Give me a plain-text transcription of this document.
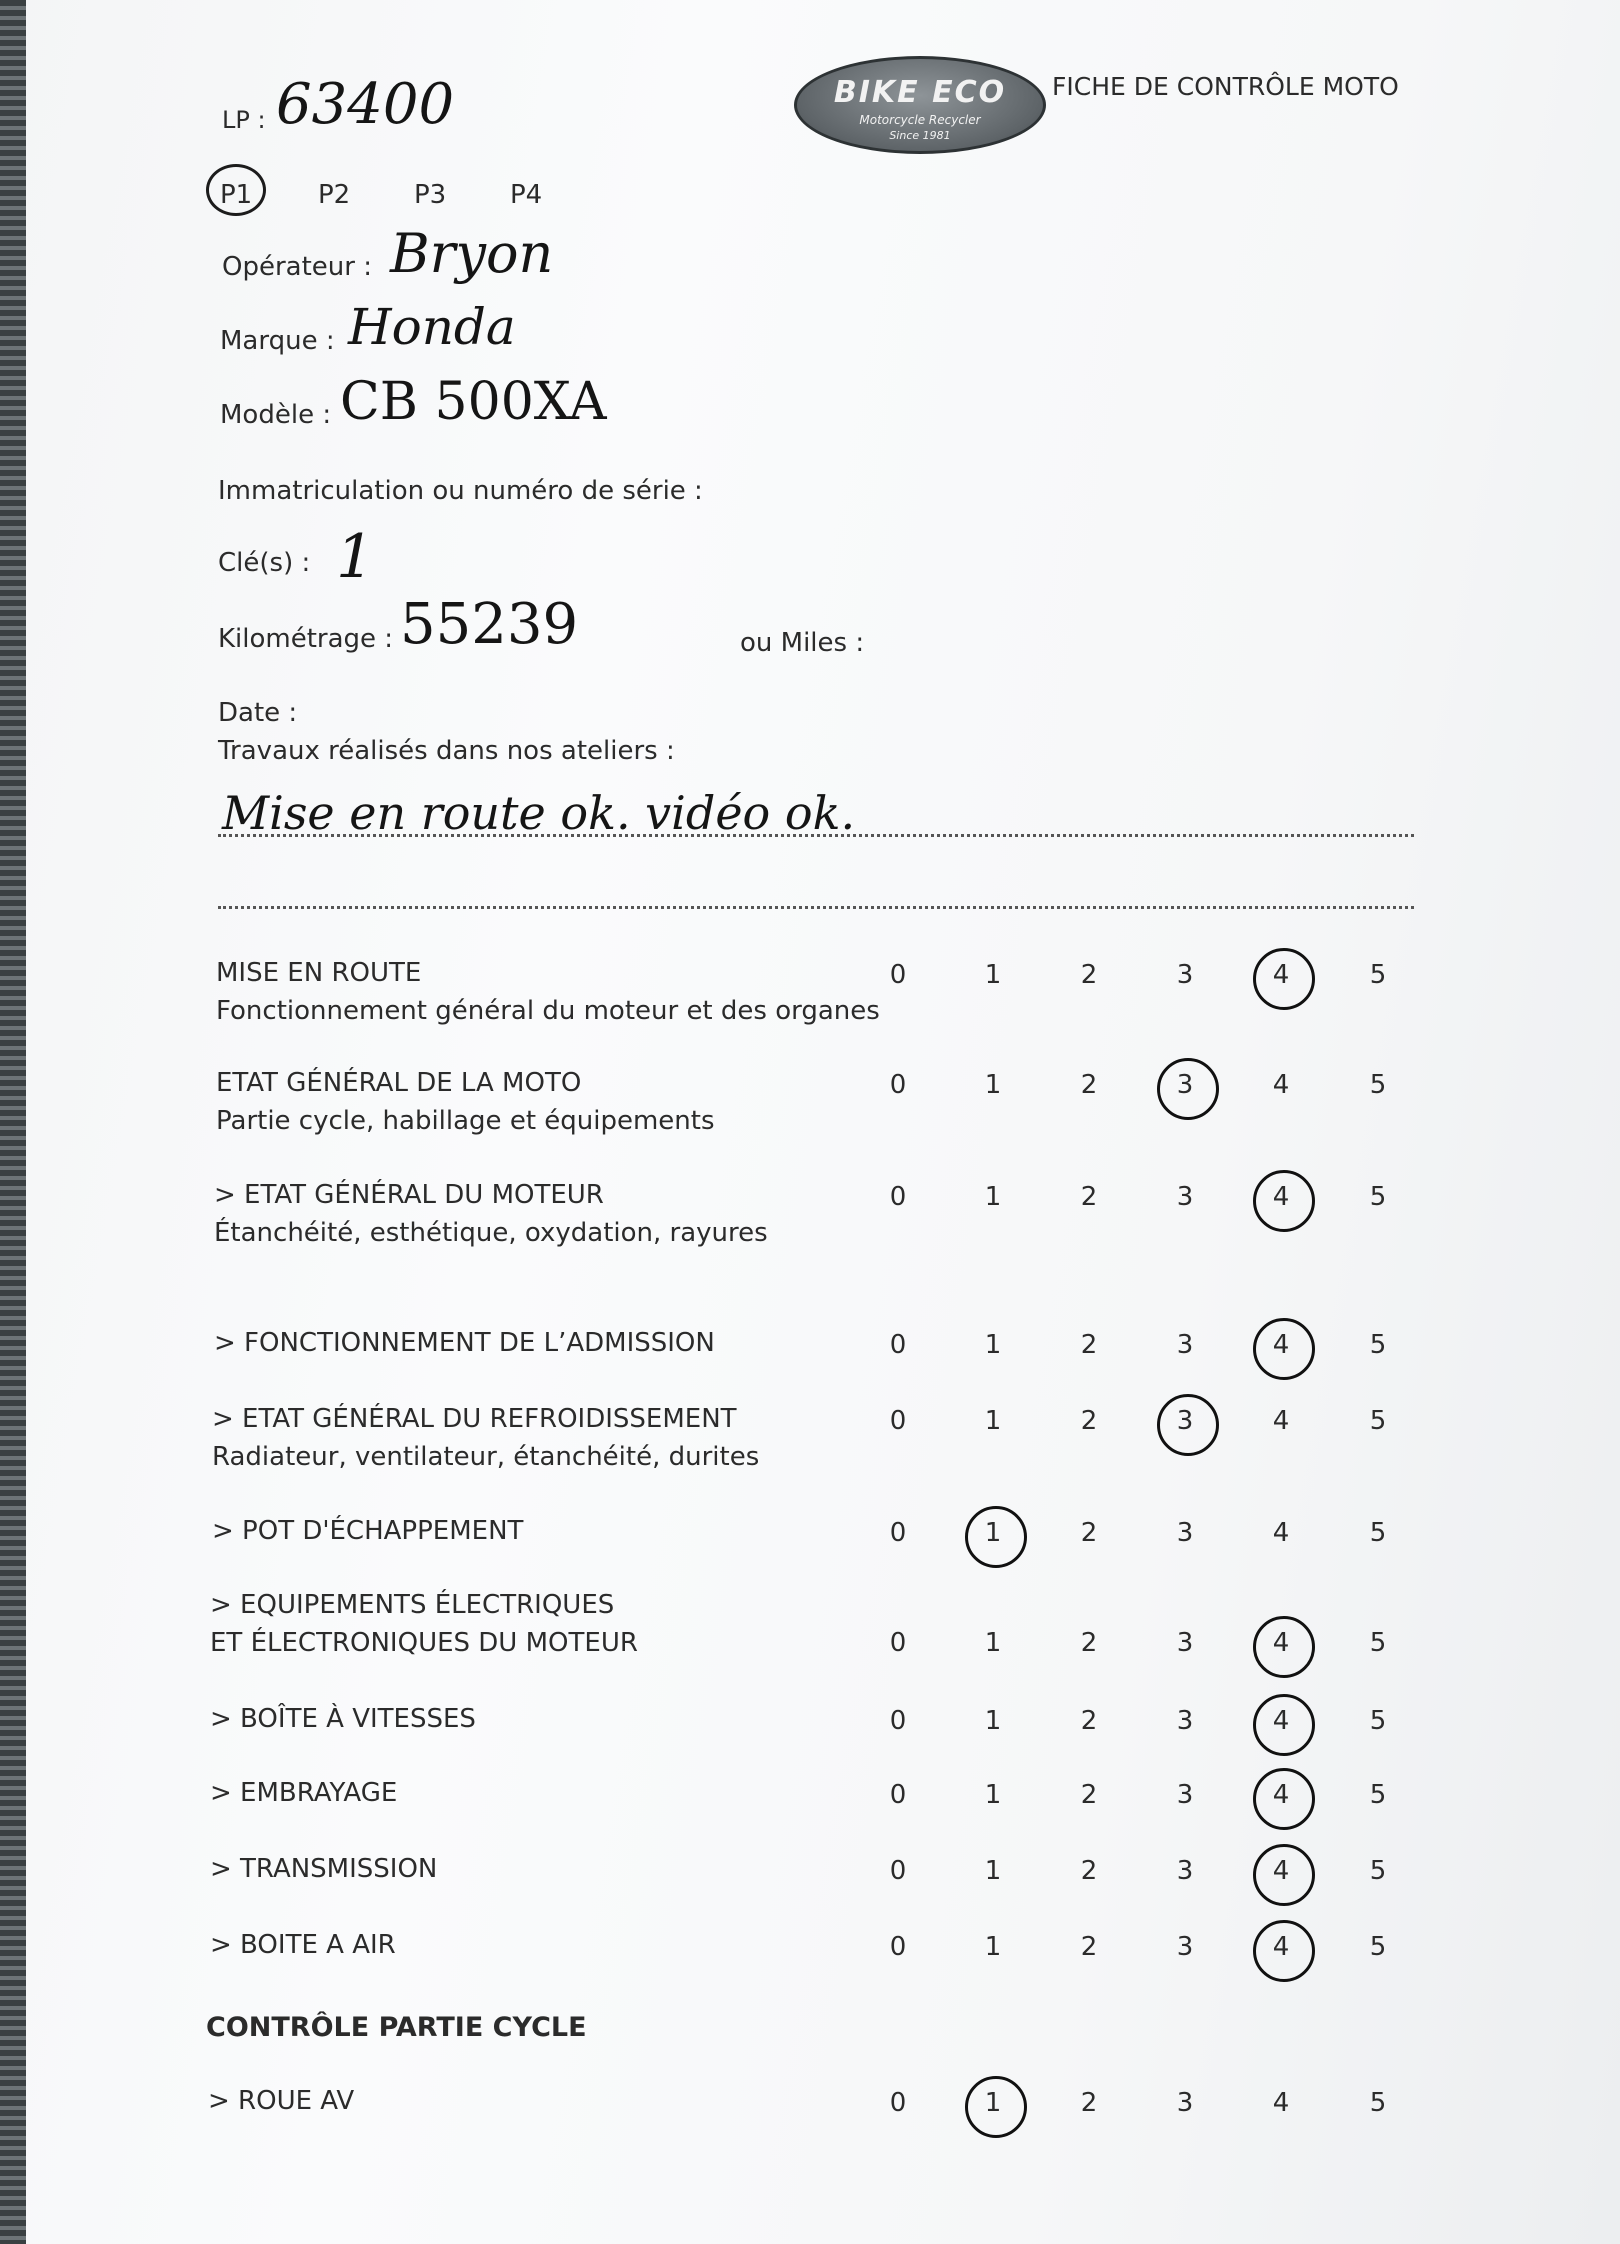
LP : 63400	BIKE ECO
Motorcycle Recycler
Since 1981
FICHE DE CONTRÔLE MOTO
P1	P2 P3 P4
Opérateur : Bryon
Marque : Honda
Modèle : CB 500XA
Immatriculation ou numéro de série :
Clé(s) : 1
Kilométrage : 55239	ou Miles :
Date :
Travaux réalisés dans nos ateliers :
Mise en route ok. vidéo ok.
MISE EN ROUTE
Fonctionnement général du moteur et des organes
0	1	2	3	4	5
ETAT GÉNÉRAL DE LA MOTO
Partie cycle, habillage et équipements
0	1	2	3	4	5
> ETAT GÉNÉRAL DU MOTEUR
Étanchéité, esthétique, oxydation, rayures
0	1	2	3	4	5
> FONCTIONNEMENT DE L’ADMISSION	0	1	2	3	4	5
> ETAT GÉNÉRAL DU REFROIDISSEMENT
Radiateur, ventilateur, étanchéité, durites
0	1	2	3	4	5
> POT D'ÉCHAPPEMENT	0	1	2	3	4	5
> EQUIPEMENTS ÉLECTRIQUES
ET ÉLECTRONIQUES DU MOTEUR	0	1	2	3	4	5
> BOÎTE À VITESSES	0	1	2	3	4	5
> EMBRAYAGE	0	1	2	3	4	5
> TRANSMISSION	0	1	2	3	4	5
> BOITE A AIR	0	1	2	3	4	5
> ROUE AV	0	1	2	3	4	5
CONTRÔLE PARTIE CYCLE
